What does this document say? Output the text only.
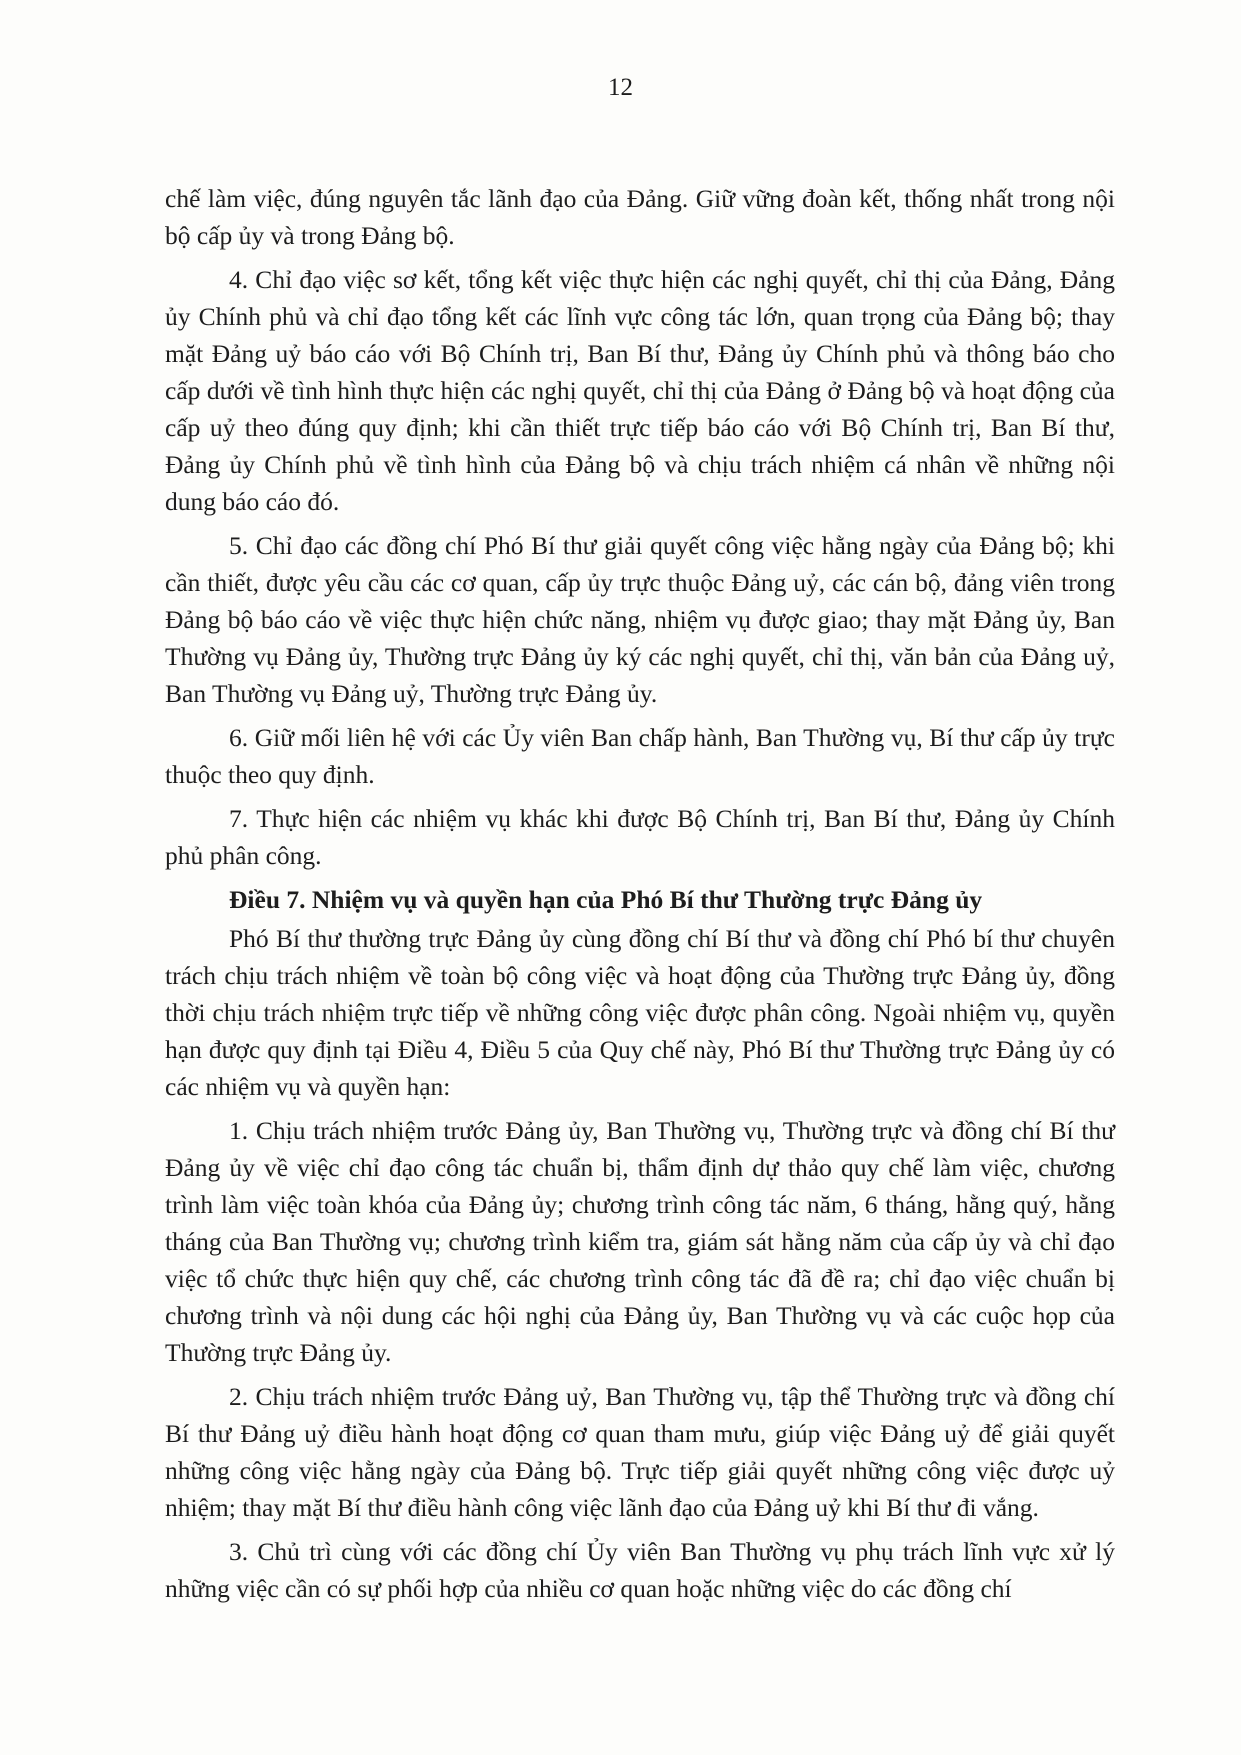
12

chế làm việc, đúng nguyên tắc lãnh đạo của Đảng. Giữ vững đoàn kết, thống nhất trong nội bộ cấp ủy và trong Đảng bộ.

4. Chỉ đạo việc sơ kết, tổng kết việc thực hiện các nghị quyết, chỉ thị của Đảng, Đảng ủy Chính phủ và chỉ đạo tổng kết các lĩnh vực công tác lớn, quan trọng của Đảng bộ; thay mặt Đảng uỷ báo cáo với Bộ Chính trị, Ban Bí thư, Đảng ủy Chính phủ và thông báo cho cấp dưới về tình hình thực hiện các nghị quyết, chỉ thị của Đảng ở Đảng bộ và hoạt động của cấp uỷ theo đúng quy định; khi cần thiết trực tiếp báo cáo với Bộ Chính trị, Ban Bí thư, Đảng ủy Chính phủ về tình hình của Đảng bộ và chịu trách nhiệm cá nhân về những nội dung báo cáo đó.

5. Chỉ đạo các đồng chí Phó Bí thư giải quyết công việc hằng ngày của Đảng bộ; khi cần thiết, được yêu cầu các cơ quan, cấp ủy trực thuộc Đảng uỷ, các cán bộ, đảng viên trong Đảng bộ báo cáo về việc thực hiện chức năng, nhiệm vụ được giao; thay mặt Đảng ủy, Ban Thường vụ Đảng ủy, Thường trực Đảng ủy ký các nghị quyết, chỉ thị, văn bản của Đảng uỷ, Ban Thường vụ Đảng uỷ, Thường trực Đảng ủy.

6. Giữ mối liên hệ với các Ủy viên Ban chấp hành, Ban Thường vụ, Bí thư cấp ủy trực thuộc theo quy định.

7. Thực hiện các nhiệm vụ khác khi được Bộ Chính trị, Ban Bí thư, Đảng ủy Chính phủ phân công.

Điều 7. Nhiệm vụ và quyền hạn của Phó Bí thư Thường trực Đảng ủy

Phó Bí thư thường trực Đảng ủy cùng đồng chí Bí thư và đồng chí Phó bí thư chuyên trách chịu trách nhiệm về toàn bộ công việc và hoạt động của Thường trực Đảng ủy, đồng thời chịu trách nhiệm trực tiếp về những công việc được phân công. Ngoài nhiệm vụ, quyền hạn được quy định tại Điều 4, Điều 5 của Quy chế này, Phó Bí thư Thường trực Đảng ủy có các nhiệm vụ và quyền hạn:

1. Chịu trách nhiệm trước Đảng ủy, Ban Thường vụ, Thường trực và đồng chí Bí thư Đảng ủy về việc chỉ đạo công tác chuẩn bị, thẩm định dự thảo quy chế làm việc, chương trình làm việc toàn khóa của Đảng ủy; chương trình công tác năm, 6 tháng, hằng quý, hằng tháng của Ban Thường vụ; chương trình kiểm tra, giám sát hằng năm của cấp ủy và chỉ đạo việc tổ chức thực hiện quy chế, các chương trình công tác đã đề ra; chỉ đạo việc chuẩn bị chương trình và nội dung các hội nghị của Đảng ủy, Ban Thường vụ và các cuộc họp của Thường trực Đảng ủy.

2. Chịu trách nhiệm trước Đảng uỷ, Ban Thường vụ, tập thể Thường trực và đồng chí Bí thư Đảng uỷ điều hành hoạt động cơ quan tham mưu, giúp việc Đảng uỷ để giải quyết những công việc hằng ngày của Đảng bộ. Trực tiếp giải quyết những công việc được uỷ nhiệm; thay mặt Bí thư điều hành công việc lãnh đạo của Đảng uỷ khi Bí thư đi vắng.

3. Chủ trì cùng với các đồng chí Ủy viên Ban Thường vụ phụ trách lĩnh vực xử lý những việc cần có sự phối hợp của nhiều cơ quan hoặc những việc do các đồng chí
